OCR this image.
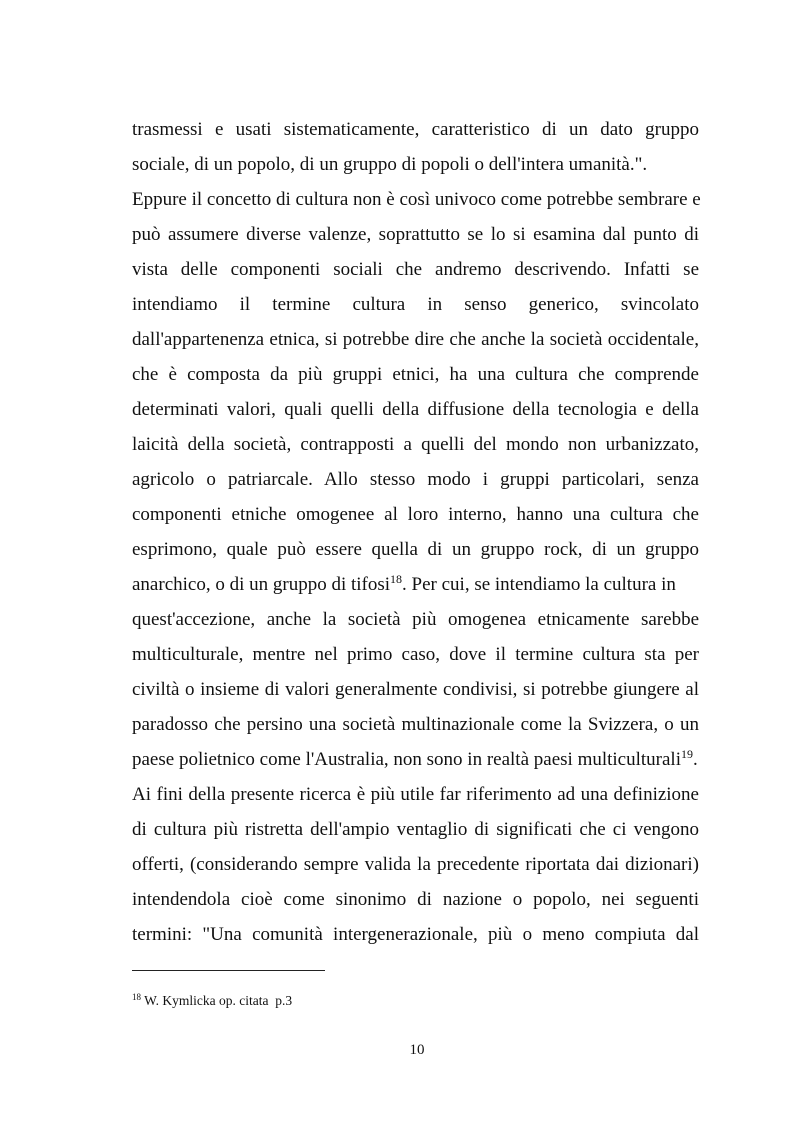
trasmessi e usati sistematicamente, caratteristico di un dato gruppo
sociale, di un popolo, di un gruppo di popoli o dell'intera umanità.".
Eppure il concetto di cultura non è così univoco come potrebbe sembrare e
può assumere diverse valenze, soprattutto se lo si esamina dal punto di
vista delle componenti sociali che andremo descrivendo. Infatti se
intendiamo il termine cultura in senso generico, svincolato
dall'appartenenza etnica, si potrebbe dire che anche la società occidentale,
che è composta da più gruppi etnici, ha una cultura che comprende
determinati valori, quali quelli della diffusione della tecnologia e della
laicità della società, contrapposti a quelli del mondo non urbanizzato,
agricolo o patriarcale. Allo stesso modo i gruppi particolari, senza
componenti etniche omogenee al loro interno, hanno una cultura che
esprimono, quale può essere quella di un gruppo rock, di un gruppo
anarchico, o di un gruppo di tifosi$^{18}$. Per cui, se intendiamo la cultura in
quest'accezione, anche la società più omogenea etnicamente sarebbe
multiculturale, mentre nel primo caso, dove il termine cultura sta per
civiltà o insieme di valori generalmente condivisi, si potrebbe giungere al
paradosso che persino una società multinazionale come la Svizzera, o un
paese polietnico come l'Australia, non sono in realtà paesi multiculturali$^{19}$.
Ai fini della presente ricerca è più utile far riferimento ad una definizione
di cultura più ristretta dell'ampio ventaglio di significati che ci vengono
offerti, (considerando sempre valida la precedente riportata dai dizionari)
intendendola cioè come sinonimo di nazione o popolo, nei seguenti
termini: "Una comunità intergenerazionale, più o meno compiuta dal
$^{18}$ W. Kymlicka op. citata  p.3
10
